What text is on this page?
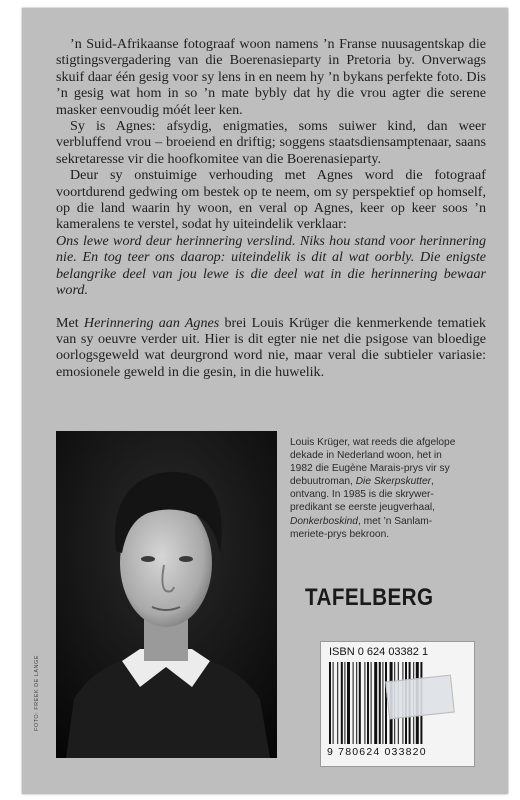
’n Suid-Afrikaanse fotograaf woon namens ’n Franse nuusagentskap die stigtingsvergadering van die Boerenasieparty in Pretoria by. Onverwags skuif daar één gesig voor sy lens in en neem hy ’n bykans perfekte foto. Dis ’n gesig wat hom in so ’n mate bybly dat hy die vrou agter die serene masker eenvoudig móét leer ken.

Sy is Agnes: afsydig, enigmaties, soms suiwer kind, dan weer verbluffend vrou – broeiend en driftig; soggens staatsdiensamptenaar, saans sekretaresse vir die hoofkomitee van die Boerenasieparty.

Deur sy onstuimige verhouding met Agnes word die fotograaf voortdurend gedwing om bestek op te neem, om sy perspektief op homself, op die land waarin hy woon, en veral op Agnes, keer op keer soos ’n kameralens te verstel, sodat hy uiteindelik verklaar:

Ons lewe word deur herinnering verslind. Niks hou stand voor herinnering nie. En tog teer ons daarop: uiteindelik is dit al wat oorbly. Die enigste belangrike deel van jou lewe is die deel wat in die herinnering bewaar word.

Met Herinnering aan Agnes brei Louis Krüger die kenmerkende tematiek van sy oeuvre verder uit. Hier is dit egter nie net die psigose van bloedige oorlogsgeweld wat deurgrond word nie, maar veral die subtieler variasie: emosionele geweld in die gesin, in die huwelik.

FOTO: FREEK DE LANGE
Louis Krüger, wat reeds die afgelope dekade in Nederland woon, het in 1982 die Eugène Marais-prys vir sy debuutroman, Die Skerpskutter, ontvang. In 1985 is die skrywer-predikant se eerste jeugverhaal, Donkerboskind, met ’n Sanlam-meriete-prys bekroon.
TAFELBERG
ISBN 0 624 03382 1
9 780624 033820
